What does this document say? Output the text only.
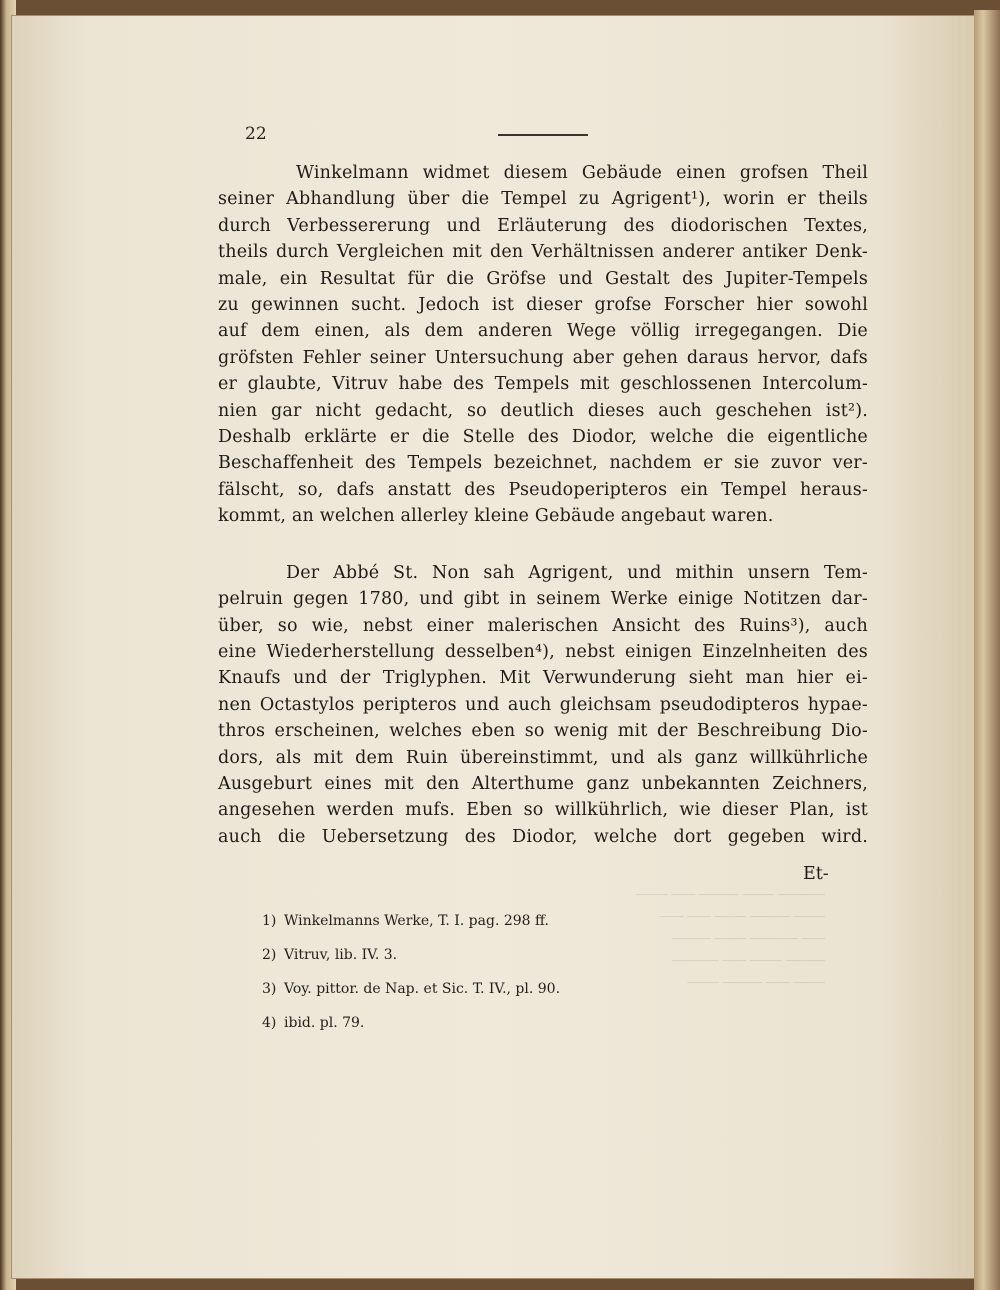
22
────── ──── ───── ─── ────
──── ───── ──── ─── ───
─── ────── ──── ─────
───── ──── ─── ──────
──── ─── ───── ────

Winkelmann widmet diesem Gebäude einen grofsen Theil
seiner Abhandlung über die Tempel zu Agrigent¹), worin er theils
durch Verbessererung und Erläuterung des diodorischen Textes,
theils durch Vergleichen mit den Verhältnissen anderer antiker Denk-
male, ein Resultat für die Gröfse und Gestalt des Jupiter-Tempels
zu gewinnen sucht. Jedoch ist dieser grofse Forscher hier sowohl
auf dem einen, als dem anderen Wege völlig irregegangen. Die
gröfsten Fehler seiner Untersuchung aber gehen daraus hervor, dafs
er glaubte, Vitruv habe des Tempels mit geschlossenen Intercolum-
nien gar nicht gedacht, so deutlich dieses auch geschehen ist²).
Deshalb erklärte er die Stelle des Diodor, welche die eigentliche
Beschaffenheit des Tempels bezeichnet, nachdem er sie zuvor ver-
fälscht, so, dafs anstatt des Pseudoperipteros ein Tempel heraus-
kommt, an welchen allerley kleine Gebäude angebaut waren.

Der Abbé St. Non sah Agrigent, und mithin unsern Tem-
pelruin gegen 1780, und gibt in seinem Werke einige Notitzen dar-
über, so wie, nebst einer malerischen Ansicht des Ruins³), auch
eine Wiederherstellung desselben⁴), nebst einigen Einzelnheiten des
Knaufs und der Triglyphen. Mit Verwunderung sieht man hier ei-
nen Octastylos peripteros und auch gleichsam pseudodipteros hypae-
thros erscheinen, welches eben so wenig mit der Beschreibung Dio-
dors, als mit dem Ruin übereinstimmt, und als ganz willkührliche
Ausgeburt eines mit den Alterthume ganz unbekannten Zeichners,
angesehen werden mufs. Eben so willkührlich, wie dieser Plan, ist
auch die Uebersetzung des Diodor, welche dort gegeben wird.

Et-
1) Winkelmanns Werke, T. I. pag. 298 ff.
2) Vitruv, lib. IV. 3.
3) Voy. pittor. de Nap. et Sic. T. IV., pl. 90.
4) ibid. pl. 79.
